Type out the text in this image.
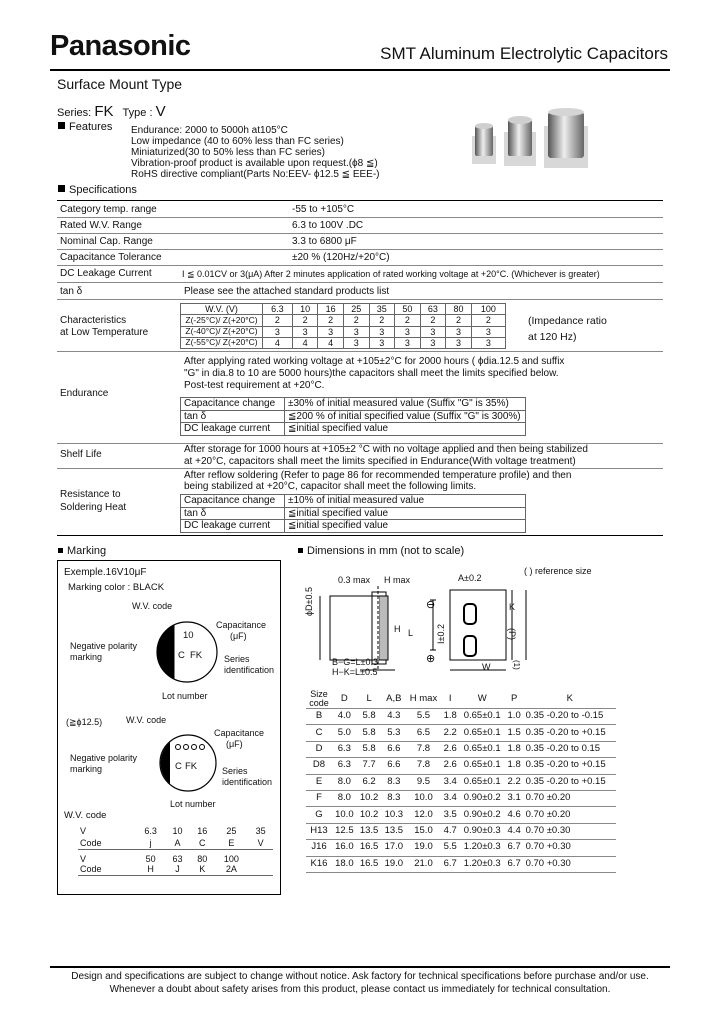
Panasonic	SMT Aluminum Electrolytic Capacitors
Surface Mount Type
Series: FK Type : V
Features Endurance: 2000 to 5000h at105°C
Low impedance (40 to 60% less than FC series)
Miniaturized(30 to 50% less than FC series)
Vibration-proof product is available upon request.(ϕ8 ≦)
RoHS directive compliant(Parts No:EEV- ϕ12.5 ≦ EEE-)
Specifications
Category temp. range	-55 to +105°C
Rated W.V. Range	6.3 to 100V .DC
Nominal Cap. Range	3.3 to 6800 μF
Capacitance Tolerance	±20 % (120Hz/+20°C)
DC Leakage Current	I ≦ 0.01CV or 3(μA) After 2 minutes application of rated working voltage at +20°C. (Whichever is greater)
tan δ	Please see the attached standard products list
Characteristics
at Low Temperature
W.V. (V)	6.3	10	16	25	35	50	63	80	100
Z(-25°C)/ Z(+20°C)	2	2	2	2	2	2	2	2	2
Z(-40°C)/ Z(+20°C)	3	3	3	3	3	3	3	3	3
Z(-55°C)/ Z(+20°C)	4	4	4	3	3	3	3	3	3
(Impedance ratio
at 120 Hz)
Endurance
After applying rated working voltage at +105±2°C for 2000 hours ( ϕdia.12.5 and suffix
"G" in dia.8 to 10 are 5000 hours)the capacitors shall meet the limits specified below.
Post-test requirement at +20°C.
Capacitance change	±30% of initial measured value (Suffix "G" is 35%)
tan δ	≦200 % of initial specified value (Suffix "G" is 300%)
DC leakage current	≦initial specified value
Shelf Life	After storage for 1000 hours at +105±2 °C with no voltage applied and then being stabilized
at +20°C, capacitors shall meet the limits specified in Endurance(With voltage treatment)
Resistance to
Soldering Heat
After reflow soldering (Refer to page 86 for recommended temperature profile) and then
being stabilized at +20°C, capacitor shall meet the following limits.
Capacitance change	±10% of initial measured value
tan δ	≦initial specified value
DC leakage current	≦initial specified value
Marking
Exemple.16V10μF
Marking color : BLACK
W.V. code
Capacitance
(μF)
Negative polarity
marking	Series
identification
10
C FK
Lot number
(≧ϕ12.5)	W.V. code
Capacitance
(μF)
Negative polarity
marking	Series
identification
C FK
Lot number
W.V. code
V	6.3	10	16	25	35
Code	j	A	C	E	V
V	50	63	80	100	
Code	H	J	K	2A	
Dimensions in mm (not to scale)
( ) reference size
⊖
⊕
0.3 max H max	A±0.2
ϕD±0.5
H L	I±0.2
B−G=L±0.3
H−K=L±0.5
K
(P)
W	(1)
Size code	D	L	A,B	H max	I	W	P	K
B	4.0	5.8	4.3	5.5	1.8	0.65±0.1	1.0	0.35 -0.20 to -0.15
C	5.0	5.8	5.3	6.5	2.2	0.65±0.1	1.5	0.35 -0.20 to +0.15
D	6.3	5.8	6.6	7.8	2.6	0.65±0.1	1.8	0.35 -0.20 to 0.15
D8	6.3	7.7	6.6	7.8	2.6	0.65±0.1	1.8	0.35 -0.20 to +0.15
E	8.0	6.2	8.3	9.5	3.4	0.65±0.1	2.2	0.35 -0.20 to +0.15
F	8.0	10.2	8.3	10.0	3.4	0.90±0.2	3.1	0.70 ±0.20
G	10.0	10.2	10.3	12.0	3.5	0.90±0.2	4.6	0.70 ±0.20
H13	12.5	13.5	13.5	15.0	4.7	0.90±0.3	4.4	0.70 ±0.30
J16	16.0	16.5	17.0	19.0	5.5	1.20±0.3	6.7	0.70 +0.30
K16	18.0	16.5	19.0	21.0	6.7	1.20±0.3	6.7	0.70 +0.30
Design and specifications are subject to change without notice. Ask factory for technical specifications before purchase and/or use.
Whenever a doubt about safety arises from this product, please contact us immediately for technical consultation.
